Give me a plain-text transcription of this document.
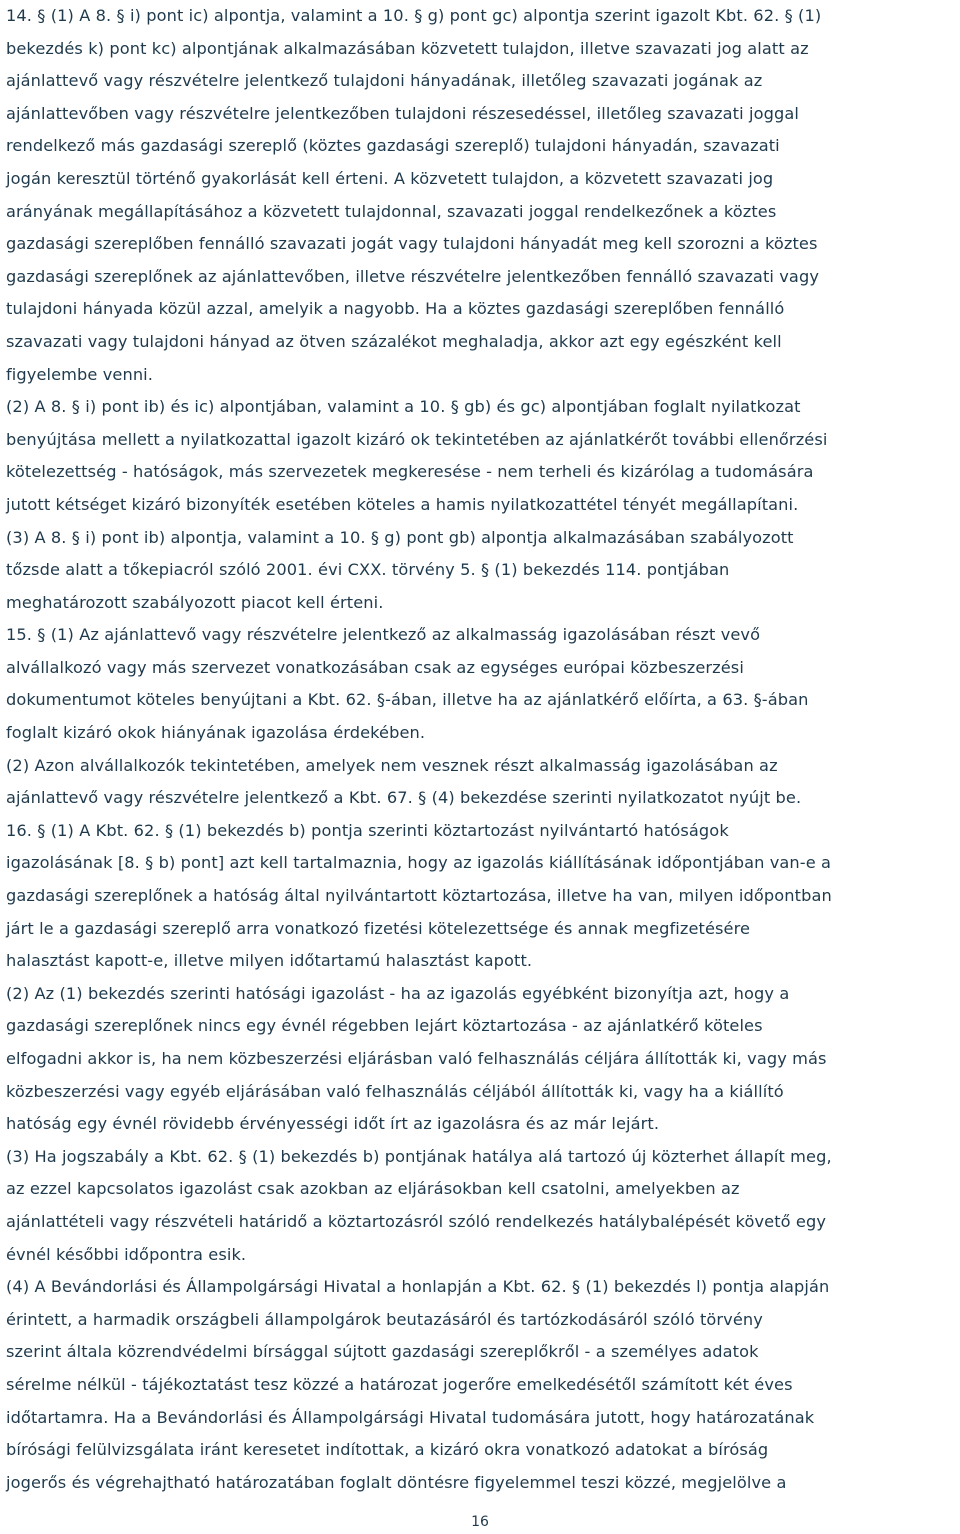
14. § (1) A 8. § i) pont ic) alpontja, valamint a 10. § g) pont gc) alpontja szerint igazolt Kbt. 62. § (1)
bekezdés k) pont kc) alpontjának alkalmazásában közvetett tulajdon, illetve szavazati jog alatt az
ajánlattevő vagy részvételre jelentkező tulajdoni hányadának, illetőleg szavazati jogának az
ajánlattevőben vagy részvételre jelentkezőben tulajdoni részesedéssel, illetőleg szavazati joggal
rendelkező más gazdasági szereplő (köztes gazdasági szereplő) tulajdoni hányadán, szavazati
jogán keresztül történő gyakorlását kell érteni. A közvetett tulajdon, a közvetett szavazati jog
arányának megállapításához a közvetett tulajdonnal, szavazati joggal rendelkezőnek a köztes
gazdasági szereplőben fennálló szavazati jogát vagy tulajdoni hányadát meg kell szorozni a köztes
gazdasági szereplőnek az ajánlattevőben, illetve részvételre jelentkezőben fennálló szavazati vagy
tulajdoni hányada közül azzal, amelyik a nagyobb. Ha a köztes gazdasági szereplőben fennálló
szavazati vagy tulajdoni hányad az ötven százalékot meghaladja, akkor azt egy egészként kell
figyelembe venni.
(2) A 8. § i) pont ib) és ic) alpontjában, valamint a 10. § gb) és gc) alpontjában foglalt nyilatkozat
benyújtása mellett a nyilatkozattal igazolt kizáró ok tekintetében az ajánlatkérőt további ellenőrzési
kötelezettség - hatóságok, más szervezetek megkeresése - nem terheli és kizárólag a tudomására
jutott kétséget kizáró bizonyíték esetében köteles a hamis nyilatkozattétel tényét megállapítani.
(3) A 8. § i) pont ib) alpontja, valamint a 10. § g) pont gb) alpontja alkalmazásában szabályozott
tőzsde alatt a tőkepiacról szóló 2001. évi CXX. törvény 5. § (1) bekezdés 114. pontjában
meghatározott szabályozott piacot kell érteni.
15. § (1) Az ajánlattevő vagy részvételre jelentkező az alkalmasság igazolásában részt vevő
alvállalkozó vagy más szervezet vonatkozásában csak az egységes európai közbeszerzési
dokumentumot köteles benyújtani a Kbt. 62. §-ában, illetve ha az ajánlatkérő előírta, a 63. §-ában
foglalt kizáró okok hiányának igazolása érdekében.
(2) Azon alvállalkozók tekintetében, amelyek nem vesznek részt alkalmasság igazolásában az
ajánlattevő vagy részvételre jelentkező a Kbt. 67. § (4) bekezdése szerinti nyilatkozatot nyújt be.
16. § (1) A Kbt. 62. § (1) bekezdés b) pontja szerinti köztartozást nyilvántartó hatóságok
igazolásának [8. § b) pont] azt kell tartalmaznia, hogy az igazolás kiállításának időpontjában van-e a
gazdasági szereplőnek a hatóság által nyilvántartott köztartozása, illetve ha van, milyen időpontban
járt le a gazdasági szereplő arra vonatkozó fizetési kötelezettsége és annak megfizetésére
halasztást kapott-e, illetve milyen időtartamú halasztást kapott.
(2) Az (1) bekezdés szerinti hatósági igazolást - ha az igazolás egyébként bizonyítja azt, hogy a
gazdasági szereplőnek nincs egy évnél régebben lejárt köztartozása - az ajánlatkérő köteles
elfogadni akkor is, ha nem közbeszerzési eljárásban való felhasználás céljára állították ki, vagy más
közbeszerzési vagy egyéb eljárásában való felhasználás céljából állították ki, vagy ha a kiállító
hatóság egy évnél rövidebb érvényességi időt írt az igazolásra és az már lejárt.
(3) Ha jogszabály a Kbt. 62. § (1) bekezdés b) pontjának hatálya alá tartozó új közterhet állapít meg,
az ezzel kapcsolatos igazolást csak azokban az eljárásokban kell csatolni, amelyekben az
ajánlattételi vagy részvételi határidő a köztartozásról szóló rendelkezés hatálybalépését követő egy
évnél későbbi időpontra esik.
(4) A Bevándorlási és Állampolgársági Hivatal a honlapján a Kbt. 62. § (1) bekezdés l) pontja alapján
érintett, a harmadik országbeli állampolgárok beutazásáról és tartózkodásáról szóló törvény
szerint általa közrendvédelmi bírsággal sújtott gazdasági szereplőkről - a személyes adatok
sérelme nélkül - tájékoztatást tesz közzé a határozat jogerőre emelkedésétől számított két éves
időtartamra. Ha a Bevándorlási és Állampolgársági Hivatal tudomására jutott, hogy határozatának
bírósági felülvizsgálata iránt keresetet indítottak, a kizáró okra vonatkozó adatokat a bíróság
jogerős és végrehajtható határozatában foglalt döntésre figyelemmel teszi közzé, megjelölve a
16
